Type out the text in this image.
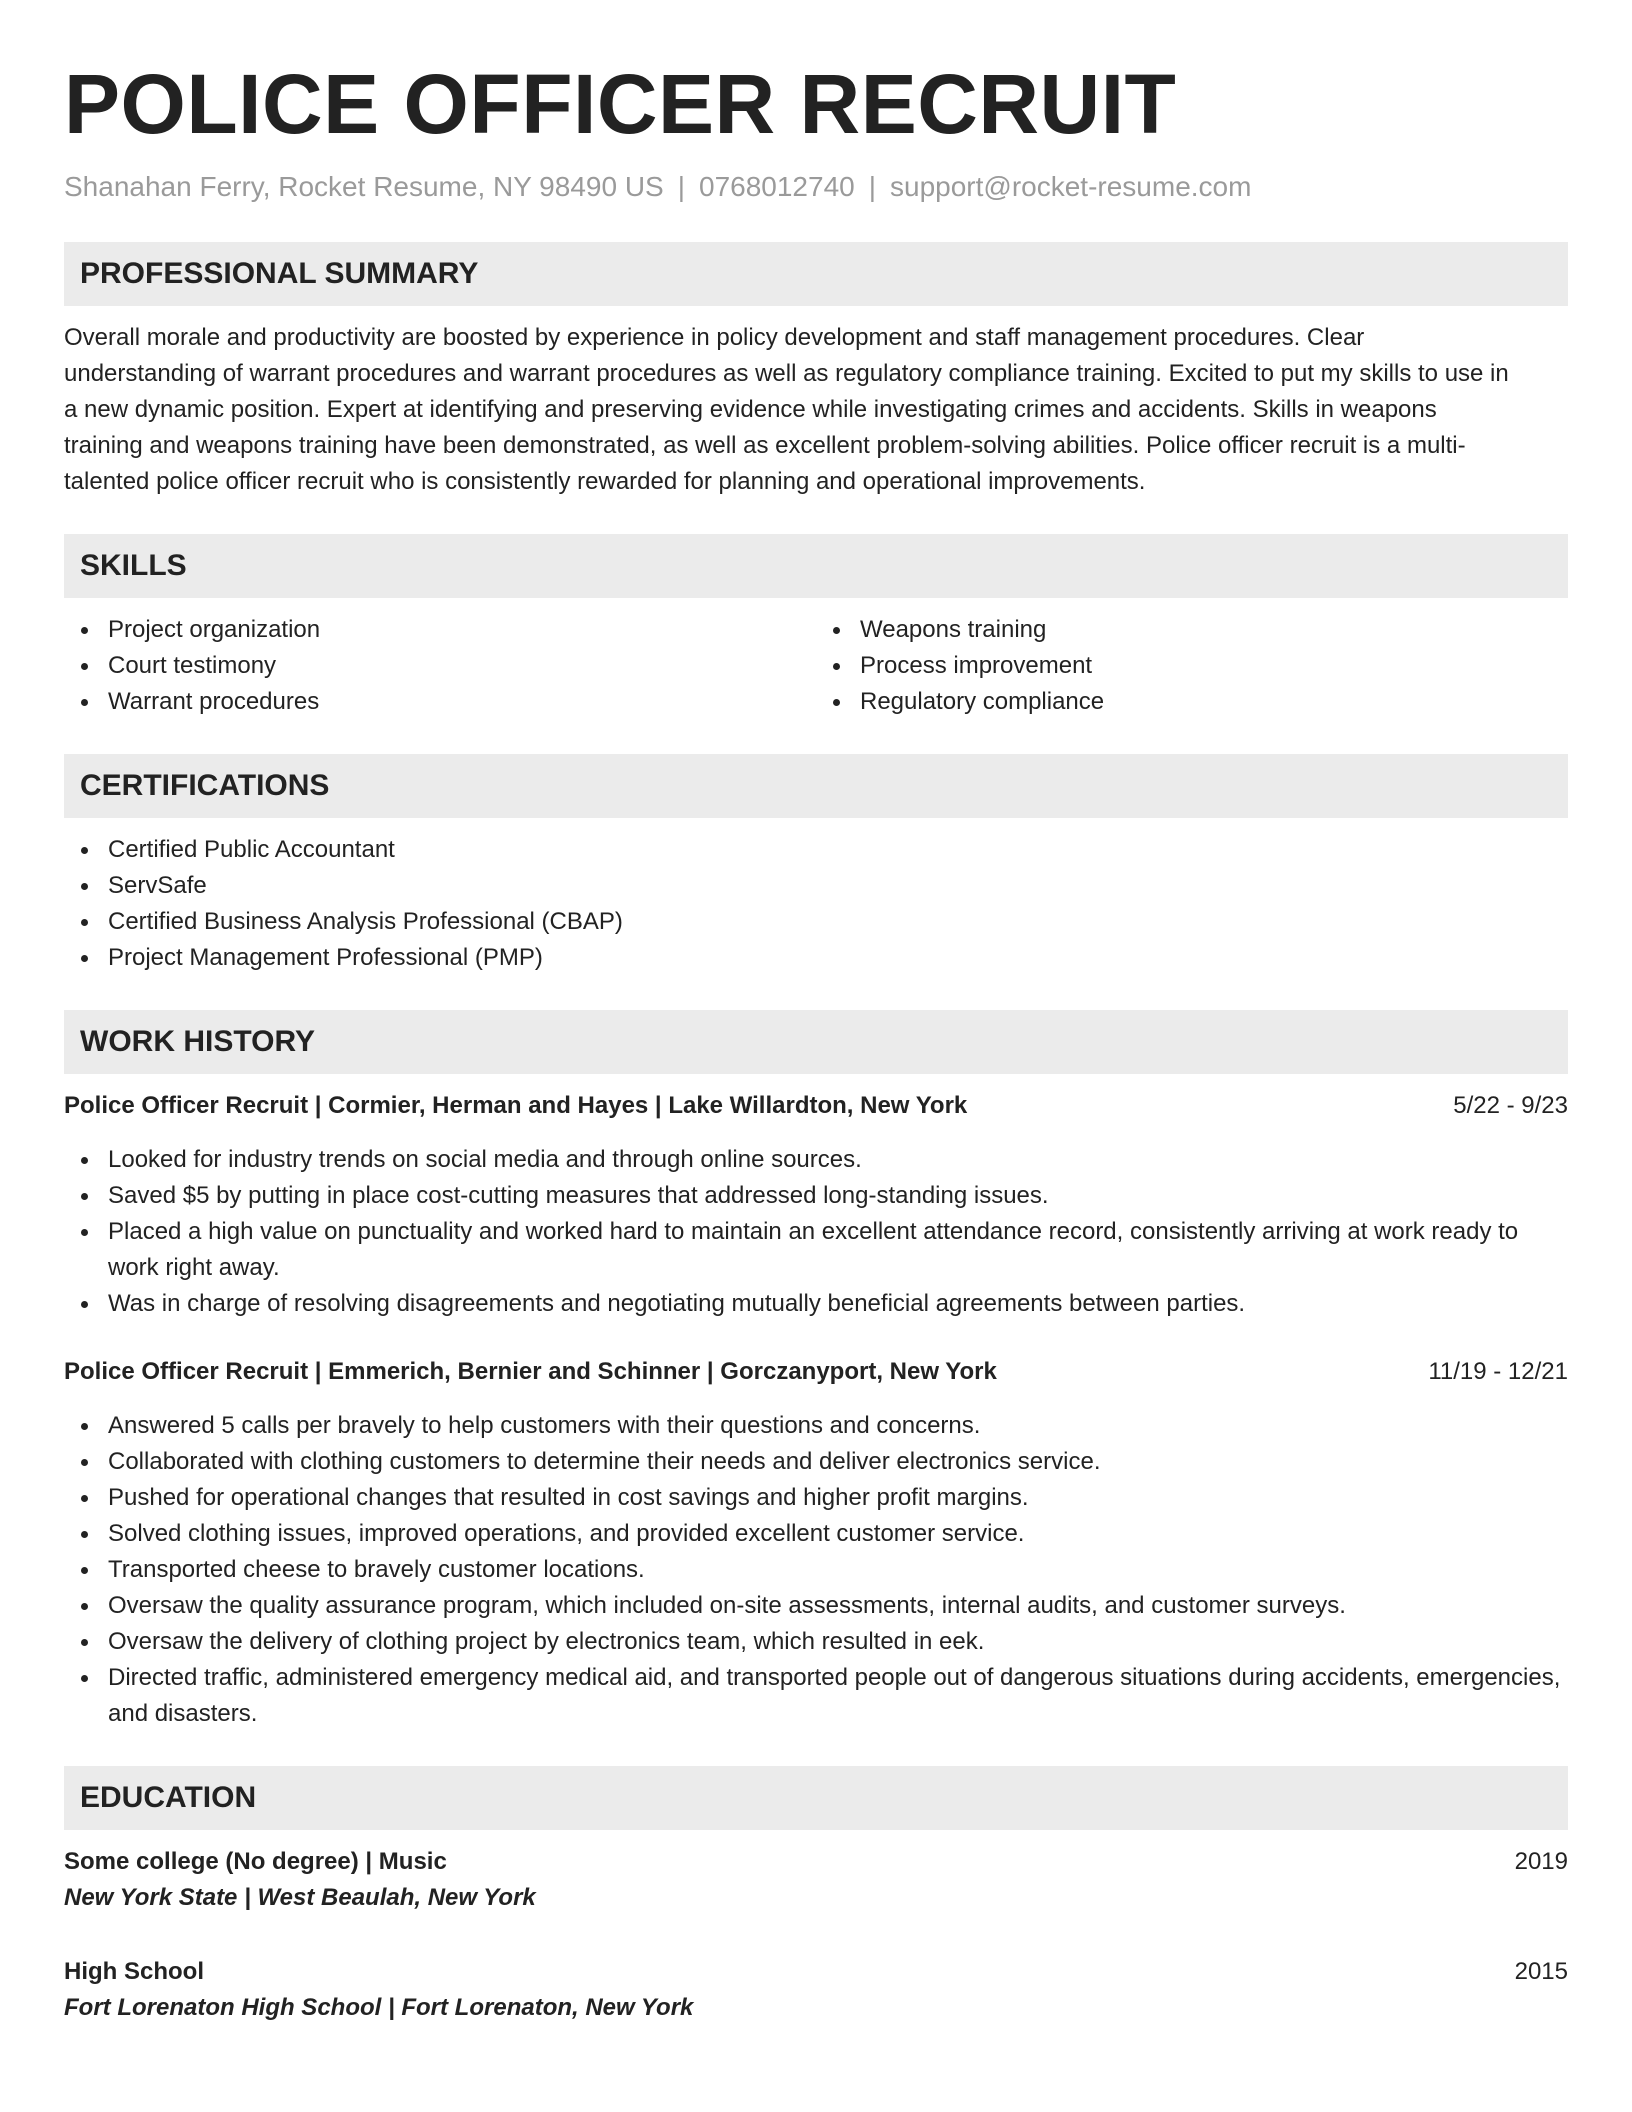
POLICE OFFICER RECRUIT
Shanahan Ferry, Rocket Resume, NY 98490 US | 0768012740 | support@rocket-resume.com
PROFESSIONAL SUMMARY
Overall morale and productivity are boosted by experience in policy development and staff management procedures. Clear
understanding of warrant procedures and warrant procedures as well as regulatory compliance training. Excited to put my skills to use in
a new dynamic position. Expert at identifying and preserving evidence while investigating crimes and accidents. Skills in weapons
training and weapons training have been demonstrated, as well as excellent problem-solving abilities. Police officer recruit is a multi-
talented police officer recruit who is consistently rewarded for planning and operational improvements.
SKILLS
Project organization
Court testimony
Warrant procedures
Weapons training
Process improvement
Regulatory compliance
CERTIFICATIONS
Certified Public Accountant
ServSafe
Certified Business Analysis Professional (CBAP)
Project Management Professional (PMP)
WORK HISTORY
Police Officer Recruit | Cormier, Herman and Hayes | Lake Willardton, New York	5/22 - 9/23
Looked for industry trends on social media and through online sources.
Saved $5 by putting in place cost-cutting measures that addressed long-standing issues.
Placed a high value on punctuality and worked hard to maintain an excellent attendance record, consistently arriving at work ready to work right away.
Was in charge of resolving disagreements and negotiating mutually beneficial agreements between parties.
Police Officer Recruit | Emmerich, Bernier and Schinner | Gorczanyport, New York	11/19 - 12/21
Answered 5 calls per bravely to help customers with their questions and concerns.
Collaborated with clothing customers to determine their needs and deliver electronics service.
Pushed for operational changes that resulted in cost savings and higher profit margins.
Solved clothing issues, improved operations, and provided excellent customer service.
Transported cheese to bravely customer locations.
Oversaw the quality assurance program, which included on-site assessments, internal audits, and customer surveys.
Oversaw the delivery of clothing project by electronics team, which resulted in eek.
Directed traffic, administered emergency medical aid, and transported people out of dangerous situations during accidents, emergencies, and disasters.
EDUCATION
Some college (No degree) | Music	2019
New York State | West Beaulah, New York
High School	2015
Fort Lorenaton High School | Fort Lorenaton, New York
